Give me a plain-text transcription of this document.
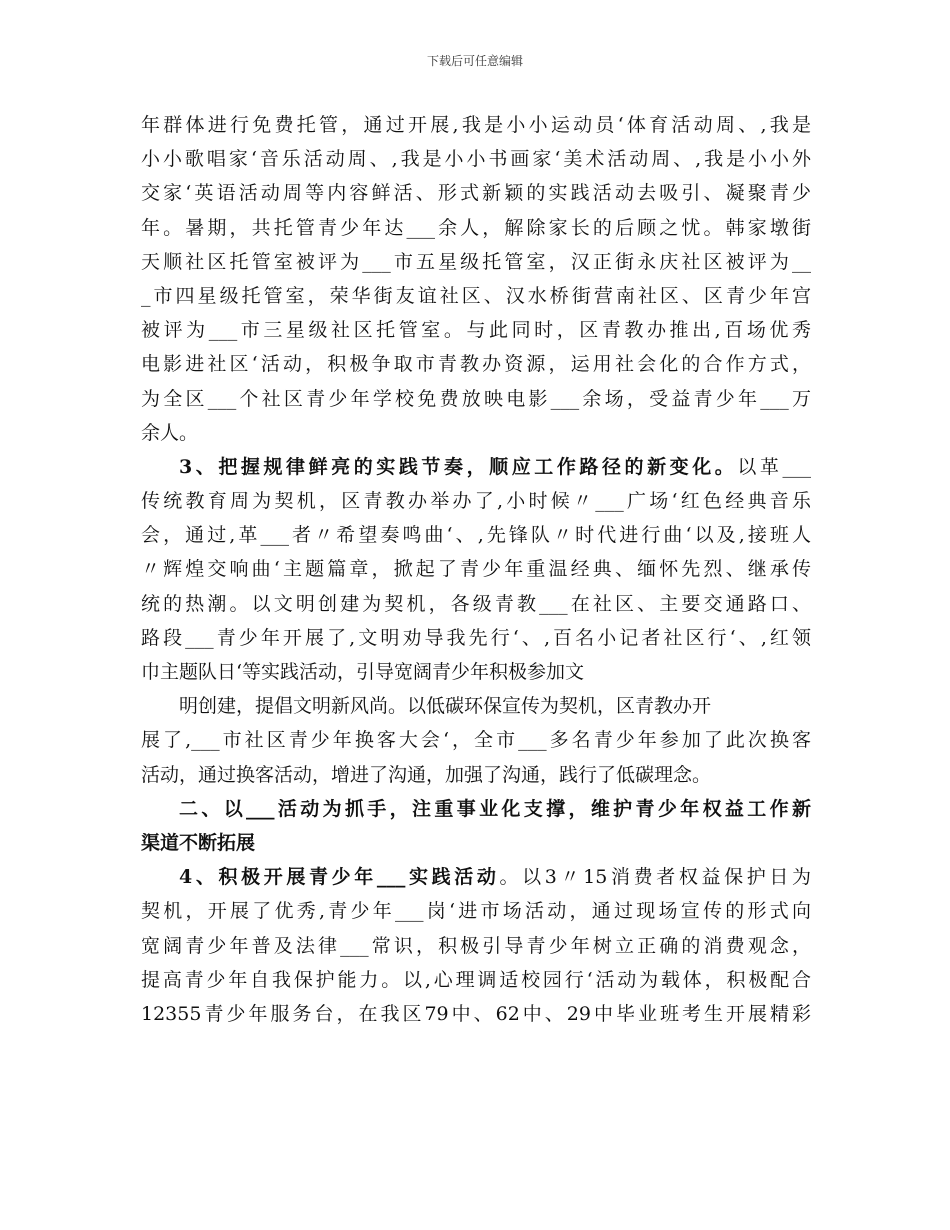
下载后可任意编辑
年群体进行免费托管，通过开展,我是小小运动员‘体育活动周、,我是
小小歌唱家‘音乐活动周、,我是小小书画家‘美术活动周、,我是小小外
交家‘英语活动周等内容鲜活、形式新颖的实践活动去吸引、凝聚青少
年。暑期，共托管青少年达___余人，解除家长的后顾之忧。韩家墩街
天顺社区托管室被评为___市五星级托管室，汉正街永庆社区被评为__
_市四星级托管室，荣华街友谊社区、汉水桥街营南社区、区青少年宫
被评为___市三星级社区托管室。与此同时，区青教办推出,百场优秀
电影进社区‘活动，积极争取市青教办资源，运用社会化的合作方式，
为全区___个社区青少年学校免费放映电影___余场，受益青少年___万
余人。
3、把握规律鲜亮的实践节奏，顺应工作路径的新变化。以革___
传统教育周为契机，区青教办举办了,小时候〃___广场‘红色经典音乐
会，通过,革___者〃希望奏鸣曲‘、,先锋队〃时代进行曲‘以及,接班人
〃辉煌交响曲‘主题篇章，掀起了青少年重温经典、缅怀先烈、继承传
统的热潮。以文明创建为契机，各级青教___在社区、主要交通路口、
路段___青少年开展了,文明劝导我先行‘、,百名小记者社区行‘、,红领
巾主题队日‘等实践活动，引导宽阔青少年积极参加文
明创建，提倡文明新风尚。以低碳环保宣传为契机，区青教办开
展了,___市社区青少年换客大会‘，全市___多名青少年参加了此次换客
活动，通过换客活动，增进了沟通，加强了沟通，践行了低碳理念。
二、以___活动为抓手，注重事业化支撑，维护青少年权益工作新
渠道不断拓展
4、积极开展青少年___实践活动。以3〃15消费者权益保护日为
契机，开展了优秀,青少年___岗‘进市场活动，通过现场宣传的形式向
宽阔青少年普及法律___常识，积极引导青少年树立正确的消费观念，
提高青少年自我保护能力。以,心理调适校园行‘活动为载体，积极配合
12355青少年服务台，在我区79中、62中、29中毕业班考生开展精彩
